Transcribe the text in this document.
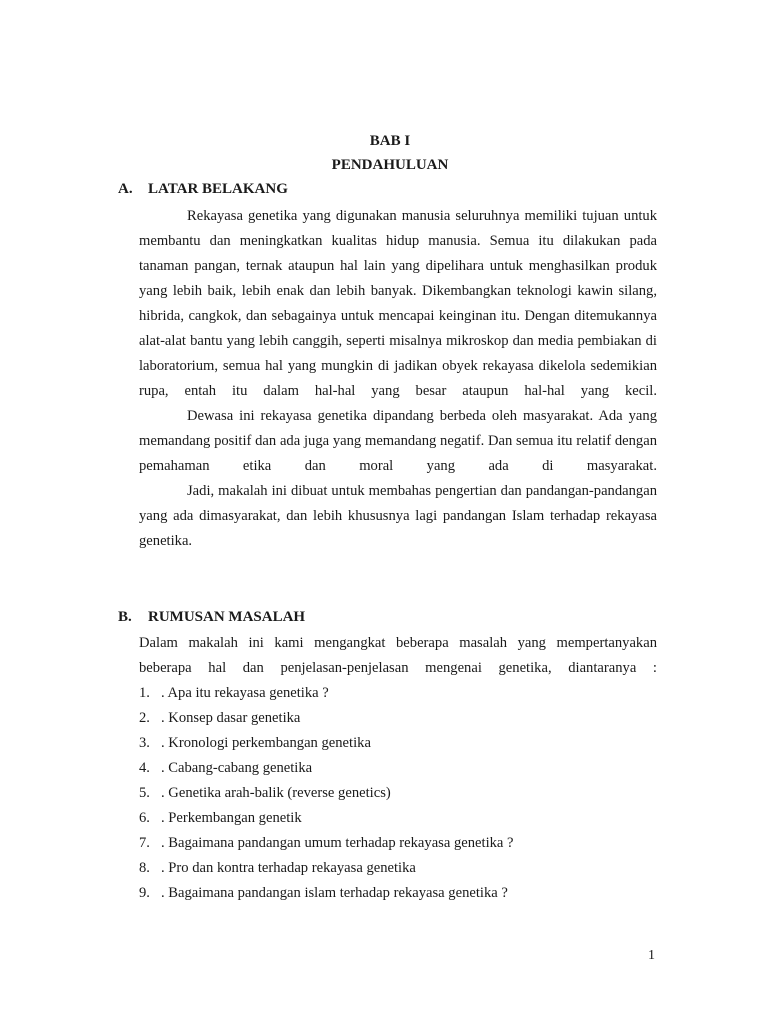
BAB I
PENDAHULUAN
A. LATAR BELAKANG

Rekayasa genetika yang digunakan manusia seluruhnya memiliki tujuan untuk membantu dan meningkatkan kualitas hidup manusia. Semua itu dilakukan pada tanaman pangan, ternak ataupun hal lain yang dipelihara untuk menghasilkan produk yang lebih baik, lebih enak dan lebih banyak. Dikembangkan teknologi kawin silang, hibrida, cangkok, dan sebagainya untuk mencapai keinginan itu. Dengan ditemukannya alat-alat bantu yang lebih canggih, seperti misalnya mikroskop dan media pembiakan di laboratorium, semua hal yang mungkin di jadikan obyek rekayasa dikelola sedemikian rupa, entah itu dalam hal-hal yang besar ataupun hal-hal yang kecil.

Dewasa ini rekayasa genetika dipandang berbeda oleh masyarakat. Ada yang memandang positif dan ada juga yang memandang negatif. Dan semua itu relatif dengan pemahaman etika dan moral yang ada di masyarakat.

Jadi, makalah ini dibuat untuk membahas pengertian dan pandangan-pandangan yang ada dimasyarakat, dan lebih khususnya lagi pandangan Islam terhadap rekayasa genetika.

B. RUMUSAN MASALAH

Dalam makalah ini kami mengangkat beberapa masalah yang mempertanyakan beberapa hal dan penjelasan-penjelasan mengenai genetika, diantaranya :

1. . Apa itu rekayasa genetika ?
2. . Konsep dasar genetika
3. . Kronologi perkembangan genetika
4. . Cabang-cabang genetika
5. . Genetika arah-balik (reverse genetics)
6. . Perkembangan genetik
7. . Bagaimana pandangan umum terhadap rekayasa genetika ?
8. . Pro dan kontra terhadap rekayasa genetika
9. . Bagaimana pandangan islam terhadap rekayasa genetika ?
1
